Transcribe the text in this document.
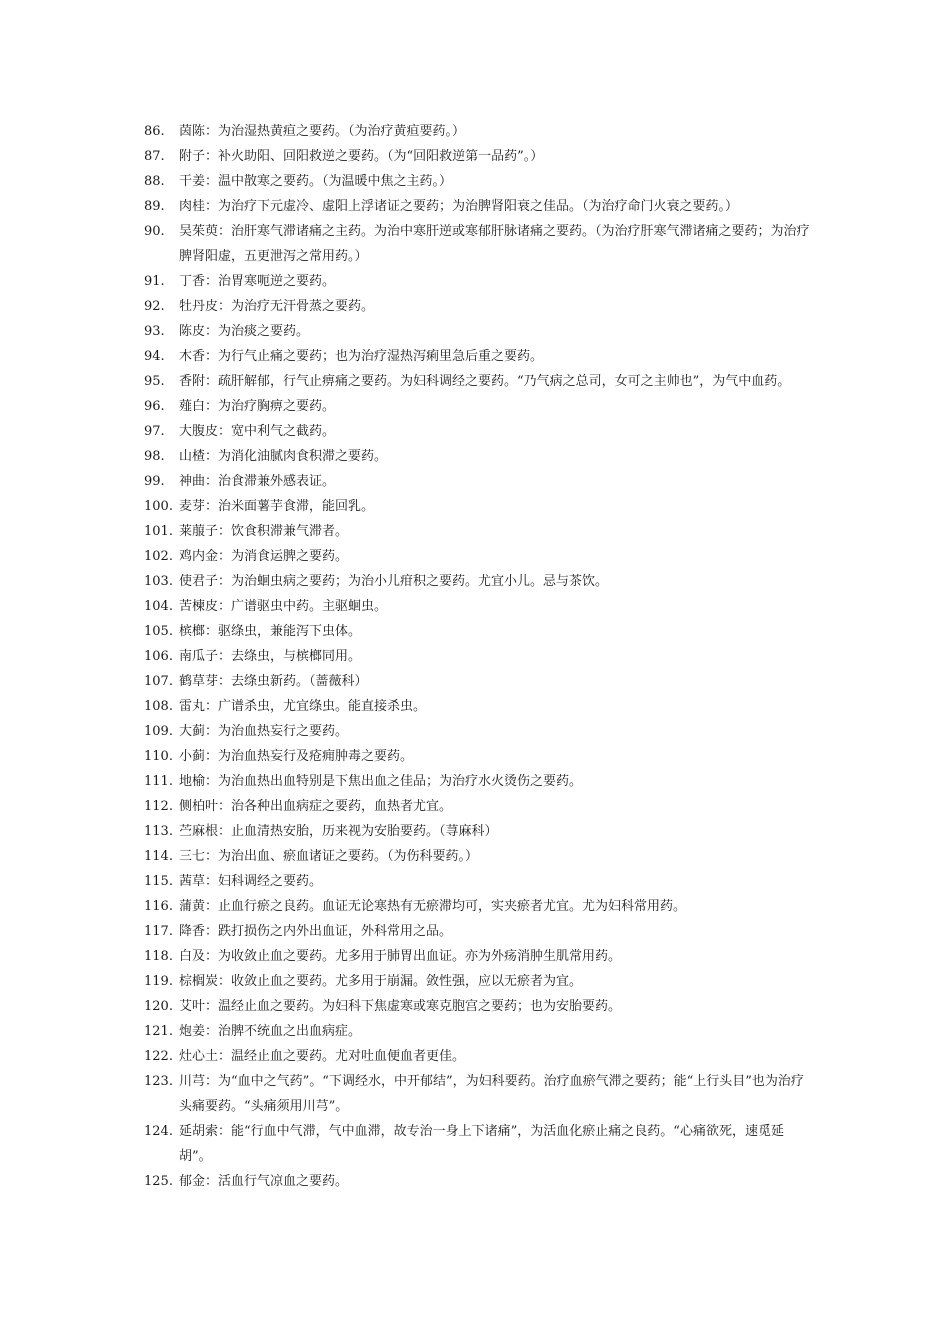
86.	茵陈：为治湿热黄疸之要药。（为治疗黄疸要药。）
87.	附子：补火助阳、回阳救逆之要药。（为“回阳救逆第一品药”。）
88.	干姜：温中散寒之要药。（为温暖中焦之主药。）
89.	肉桂：为治疗下元虚冷、虚阳上浮诸证之要药；为治脾肾阳衰之佳品。（为治疗命门火衰之要药。）
90.	吴茱萸：治肝寒气滞诸痛之主药。为治中寒肝逆或寒郁肝脉诸痛之要药。（为治疗肝寒气滞诸痛之要药；为治疗脾肾阳虚，五更泄泻之常用药。）
91.	丁香：治胃寒呃逆之要药。
92.	牡丹皮：为治疗无汗骨蒸之要药。
93.	陈皮：为治痰之要药。
94.	木香：为行气止痛之要药；也为治疗湿热泻痢里急后重之要药。
95.	香附：疏肝解郁，行气止痹痛之要药。为妇科调经之要药。“乃气病之总司，女可之主帅也”，为气中血药。
96.	薤白：为治疗胸痹之要药。
97.	大腹皮：宽中利气之截药。
98.	山楂：为消化油腻肉食积滞之要药。
99.	神曲：治食滞兼外感表证。
100. 麦芽：治米面薯芋食滞，能回乳。
101. 莱菔子：饮食积滞兼气滞者。
102. 鸡内金：为消食运脾之要药。
103. 使君子：为治蛔虫病之要药；为治小儿疳积之要药。尤宜小儿。忌与茶饮。
104. 苦楝皮：广谱驱虫中药。主驱蛔虫。
105. 槟榔：驱绦虫，兼能泻下虫体。
106. 南瓜子：去绦虫，与槟榔同用。
107. 鹤草芽：去绦虫新药。（蔷薇科）
108. 雷丸：广谱杀虫，尤宜绦虫。能直接杀虫。
109. 大蓟：为治血热妄行之要药。
110. 小蓟：为治血热妄行及疮痈肿毒之要药。
111. 地榆：为治血热出血特别是下焦出血之佳品；为治疗水火烫伤之要药。
112. 侧柏叶：治各种出血病症之要药，血热者尤宜。
113. 苎麻根：止血清热安胎，历来视为安胎要药。（荨麻科）
114. 三七：为治出血、瘀血诸证之要药。（为伤科要药。）
115. 茜草：妇科调经之要药。
116. 蒲黄：止血行瘀之良药。血证无论寒热有无瘀滞均可，实夹瘀者尤宜。尤为妇科常用药。
117. 降香：跌打损伤之内外出血证，外科常用之品。
118. 白及：为收敛止血之要药。尤多用于肺胃出血证。亦为外疡消肿生肌常用药。
119. 棕榈炭：收敛止血之要药。尤多用于崩漏。敛性强，应以无瘀者为宜。
120. 艾叶：温经止血之要药。为妇科下焦虚寒或寒克胞宫之要药；也为安胎要药。
121. 炮姜：治脾不统血之出血病症。
122. 灶心土：温经止血之要药。尤对吐血便血者更佳。
123. 川芎：为“血中之气药”。“下调经水，中开郁结”，为妇科要药。治疗血瘀气滞之要药；能“上行头目”也为治疗头痛要药。“头痛须用川芎”。
124. 延胡索：能“行血中气滞，气中血滞，故专治一身上下诸痛”，为活血化瘀止痛之良药。“心痛欲死，速觅延胡”。
125. 郁金：活血行气凉血之要药。
